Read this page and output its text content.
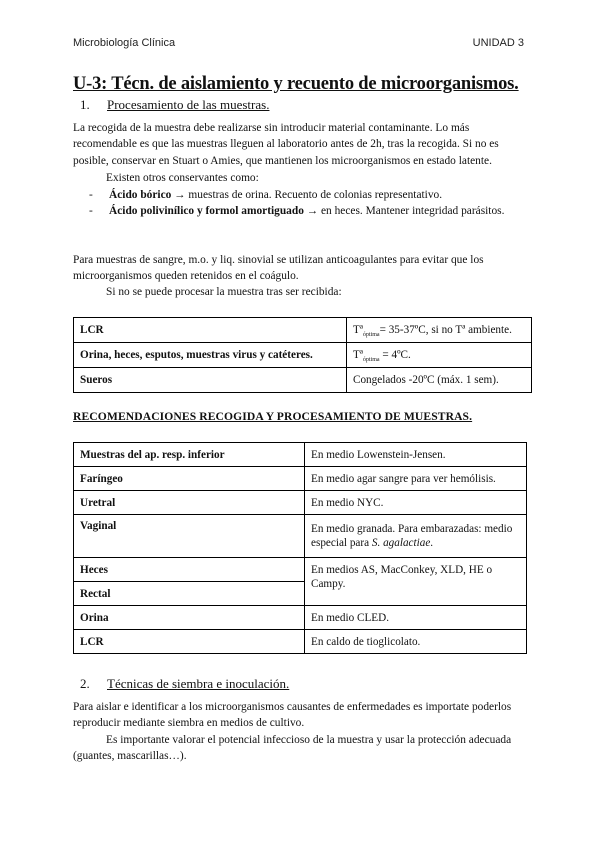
Microbiología Clínica	UNIDAD 3
U-3: Técn. de aislamiento y recuento de microorganismos.
1. Procesamiento de las muestras.
La recogida de la muestra debe realizarse sin introducir material contaminante. Lo más recomendable es que las muestras lleguen al laboratorio antes de 2h, tras la recogida. Si no es posible, conservar en Stuart o Amies, que mantienen los microorganismos en estado latente.
Existen otros conservantes como:
- Ácido bórico → muestras de orina. Recuento de colonias representativo.
- Ácido polivinílico y formol amortiguado → en heces. Mantener integridad parásitos.
Para muestras de sangre, m.o. y liq. sinovial se utilizan anticoagulantes para evitar que los microorganismos queden retenidos en el coágulo.
Si no se puede procesar la muestra tras ser recibida:
LCR	Tª$_{óptima}$= 35-37ºC, si no Tª ambiente.
Orina, heces, esputos, muestras virus y catéteres.	Tª$_{óptima}$ = 4ºC.
Sueros	Congelados -20ºC (máx. 1 sem).
RECOMENDACIONES RECOGIDA Y PROCESAMIENTO DE MUESTRAS.
Muestras del ap. resp. inferior	En medio Lowenstein-Jensen.
Faríngeo	En medio agar sangre para ver hemólisis.
Uretral	En medio NYC.
Vaginal	En medio granada. Para embarazadas: medio especial para S. agalactiae.
Heces	En medios AS, MacConkey, XLD, HE o Campy.
Rectal	
Orina	En medio CLED.
LCR	En caldo de tioglicolato.
2. Técnicas de siembra e inoculación.
Para aislar e identificar a los microorganismos causantes de enfermedades es importate poderlos reproducir mediante siembra en medios de cultivo.
Es importante valorar el potencial infeccioso de la muestra y usar la protección adecuada (guantes, mascarillas…).
